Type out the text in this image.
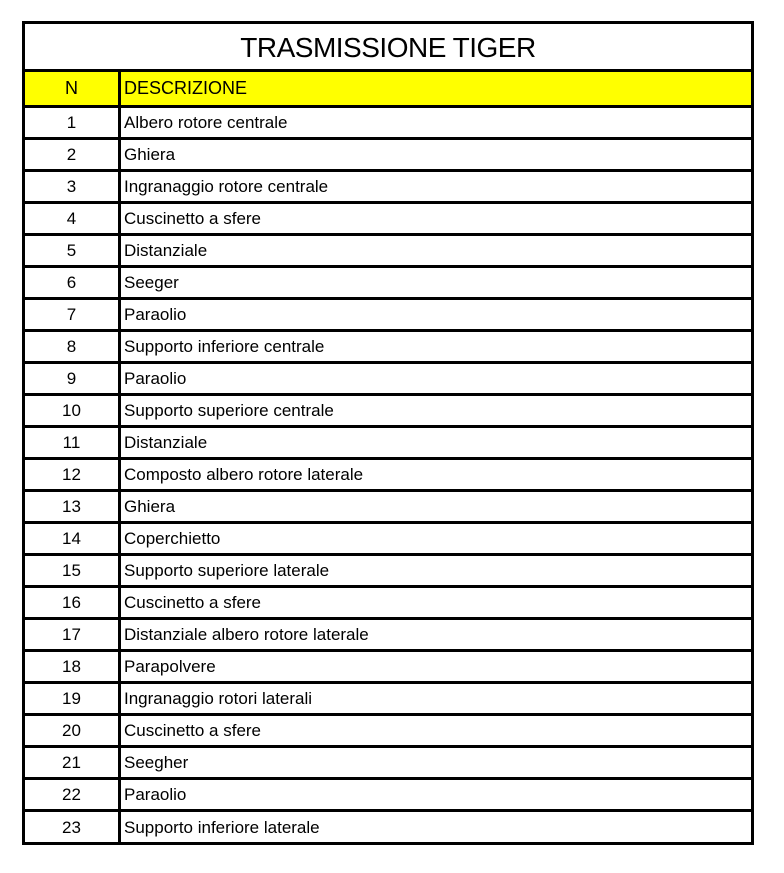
TRASMISSIONE TIGER
N	DESCRIZIONE
1	Albero rotore centrale
2	Ghiera
3	Ingranaggio rotore centrale
4	Cuscinetto a sfere
5	Distanziale
6	Seeger
7	Paraolio
8	Supporto inferiore centrale
9	Paraolio
10	Supporto superiore centrale
11	Distanziale
12	Composto albero rotore laterale
13	Ghiera
14	Coperchietto
15	Supporto superiore laterale
16	Cuscinetto a sfere
17	Distanziale albero rotore laterale
18	Parapolvere
19	Ingranaggio rotori laterali
20	Cuscinetto a sfere
21	Seegher
22	Paraolio
23	Supporto inferiore laterale
